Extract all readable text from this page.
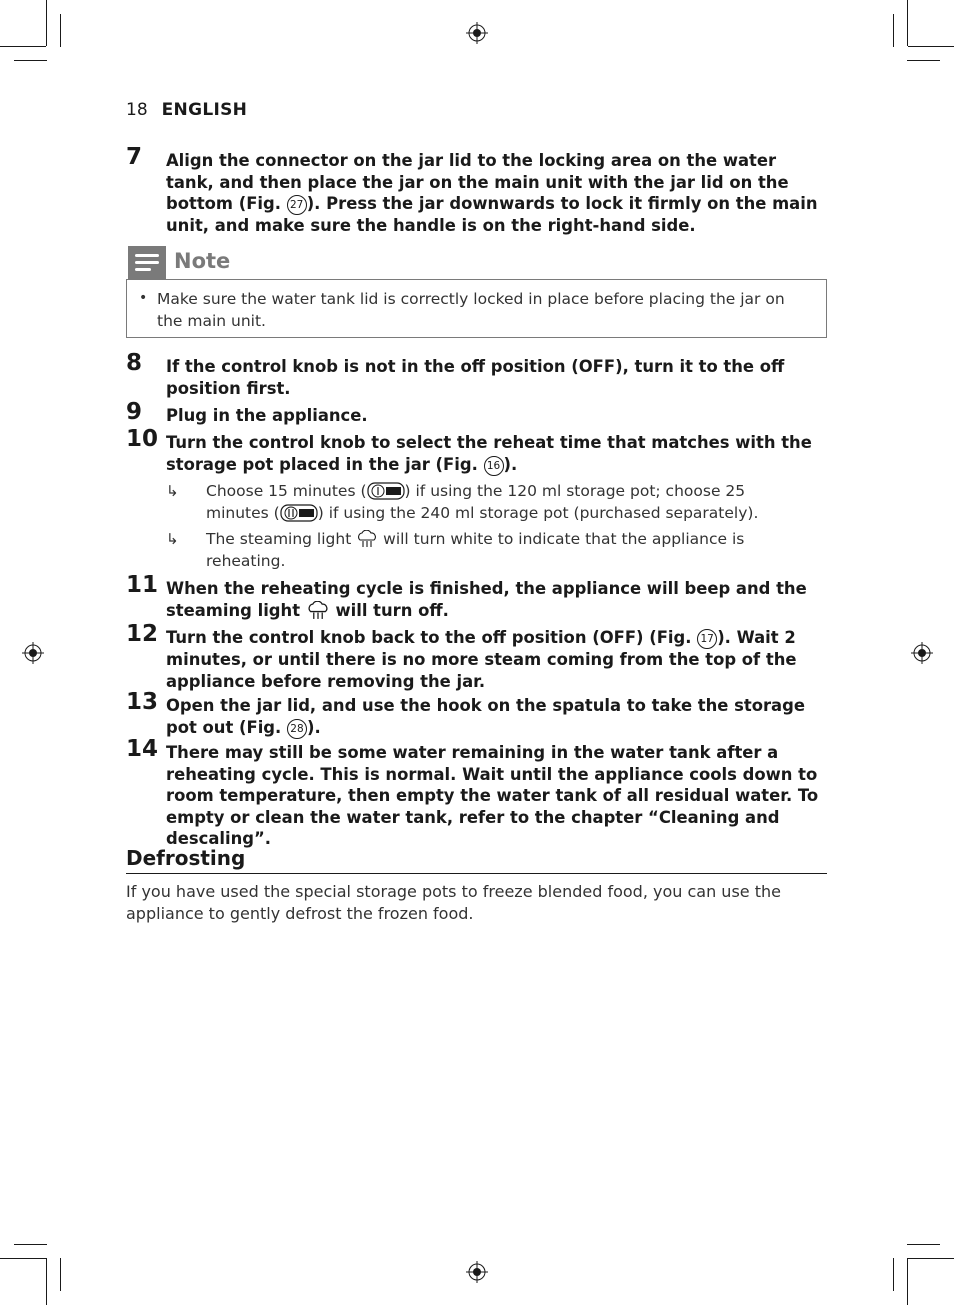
18 ENGLISH
7 Align the connector on the jar lid to the locking area on the water tank, and then place the jar on the main unit with the jar lid on the bottom (Fig. 27 ). Press the jar downwards to lock it firmly on the main unit, and make sure the handle is on the right-hand side.
Note
• Make sure the water tank lid is correctly locked in place before placing the jar on the main unit.
8 If the control knob is not in the off position (OFF), turn it to the off position first.
9 Plug in the appliance.
10 Turn the control knob to select the reheat time that matches with the storage pot placed in the jar (Fig. 16 ).
↳ Choose 15 minutes ( ) if using the 120 ml storage pot; choose 25 minutes ( ) if using the 240 ml storage pot (purchased separately).
↳ The steaming light  will turn white to indicate that the appliance is reheating.
11 When the reheating cycle is finished, the appliance will beep and the steaming light  will turn off.
12 Turn the control knob back to the off position (OFF) (Fig. 17 ). Wait 2 minutes, or until there is no more steam coming from the top of the appliance before removing the jar.
13 Open the jar lid, and use the hook on the spatula to take the storage pot out (Fig. 28 ).
14 There may still be some water remaining in the water tank after a reheating cycle. This is normal. Wait until the appliance cools down to room temperature, then empty the water tank of all residual water. To empty or clean the water tank, refer to the chapter “Cleaning and descaling”.
Defrosting
If you have used the special storage pots to freeze blended food, you can use the appliance to gently defrost the frozen food.
